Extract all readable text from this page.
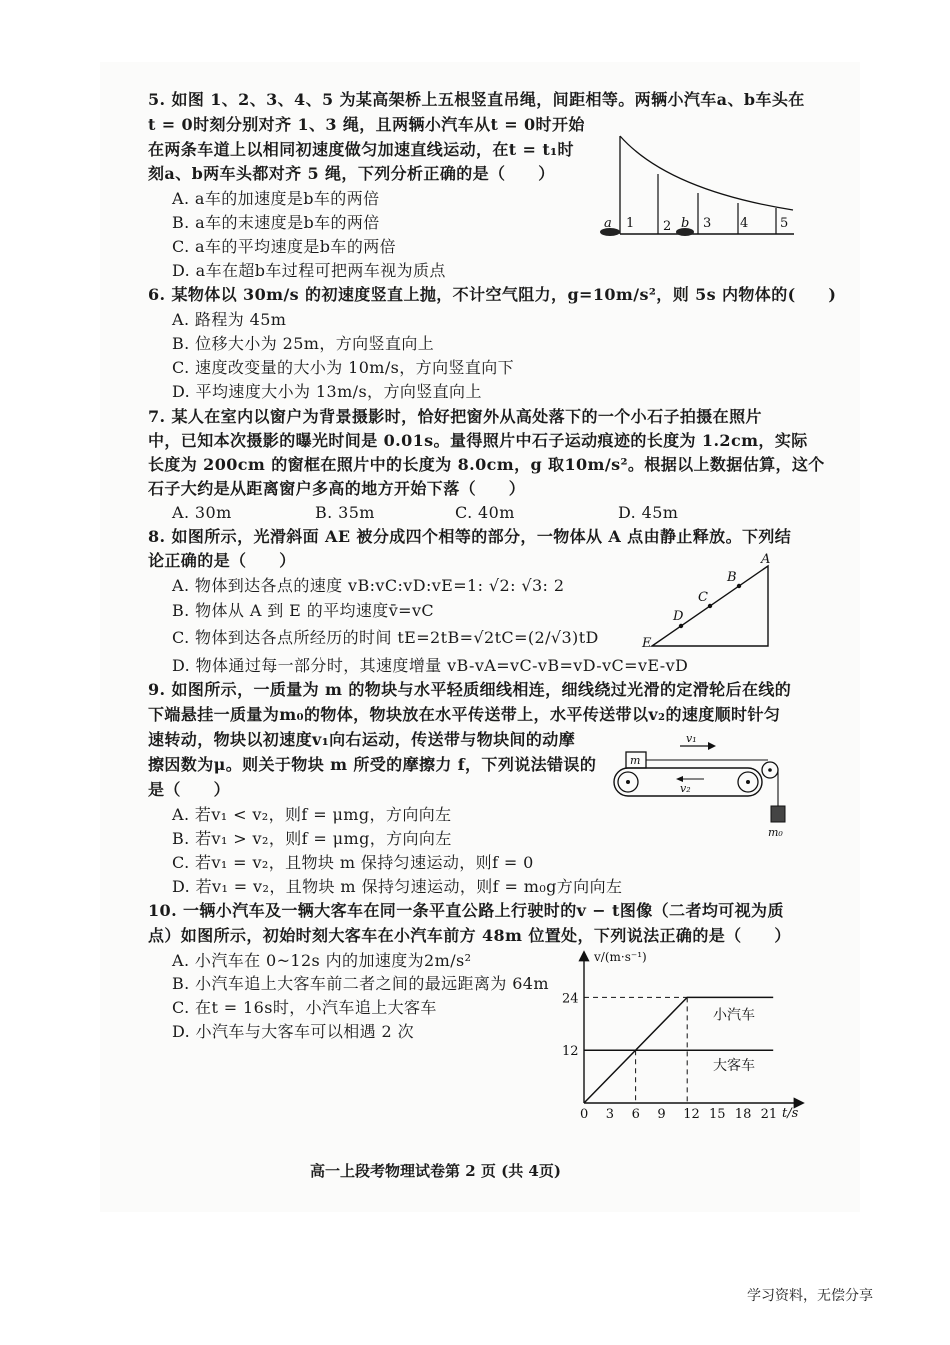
5. 如图 1、2、3、4、5 为某高架桥上五根竖直吊绳，间距相等。两辆小汽车a、b车头在
t = 0时刻分别对齐 1、3 绳，且两辆小汽车从t = 0时开始
在两条车道上以相同初速度做匀加速直线运动，在t = t₁时
刻a、b两车头都对齐 5 绳，下列分析正确的是（　　）
A. a车的加速度是b车的两倍
B. a车的末速度是b车的两倍
C. a车的平均速度是b车的两倍
D. a车在超b车过程可把两车视为质点
a 1 2 b 3 4 5
6. 某物体以 30m/s 的初速度竖直上抛，不计空气阻力，g=10m/s²，则 5s 内物体的(　　)
A. 路程为 45m
B. 位移大小为 25m，方向竖直向上
C. 速度改变量的大小为 10m/s，方向竖直向下
D. 平均速度大小为 13m/s，方向竖直向上
7. 某人在室内以窗户为背景摄影时，恰好把窗外从高处落下的一个小石子拍摄在照片
中，已知本次摄影的曝光时间是 0.01s。量得照片中石子运动痕迹的长度为 1.2cm，实际
长度为 200cm 的窗框在照片中的长度为 8.0cm，g 取10m/s²。根据以上数据估算，这个
石子大约是从距离窗户多高的地方开始下落（　　）
A. 30m	B. 35m	C. 40m	D. 45m
8. 如图所示，光滑斜面 AE 被分成四个相等的部分，一物体从 A 点由静止释放。下列结
论正确的是（　　）
A. 物体到达各点的速度 vB:vC:vD:vE=1: √2: √3: 2
B. 物体从 A 到 E 的平均速度v̄=vC
C. 物体到达各点所经历的时间 tE=2tB=√2tC=(2/√3)tD
D. 物体通过每一部分时，其速度增量 vB-vA=vC-vB=vD-vC=vE-vD
A
B
C
D
E
9. 如图所示，一质量为 m 的物块与水平轻质细线相连，细线绕过光滑的定滑轮后在线的
下端悬挂一质量为m₀的物体，物块放在水平传送带上，水平传送带以v₂的速度顺时针匀
速转动，物块以初速度v₁向右运动，传送带与物块间的动摩
擦因数为μ。则关于物块 m 所受的摩擦力 f，下列说法错误的
是（　　）
A. 若v₁ < v₂，则f = μmg，方向向左
B. 若v₁ > v₂，则f = μmg，方向向左
C. 若v₁ = v₂，且物块 m 保持匀速运动，则f = 0
D. 若v₁ = v₂，且物块 m 保持匀速运动，则f = m₀g方向向左
v₁
m
v₂
m₀
10. 一辆小汽车及一辆大客车在同一条平直公路上行驶时的v − t图像（二者均可视为质
点）如图所示，初始时刻大客车在小汽车前方 48m 位置处，下列说法正确的是（　　）
A. 小汽车在 0~12s 内的加速度为2m/s²
B. 小汽车追上大客车前二者之间的最远距离为 64m
C. 在t = 16s时，小汽车追上大客车
D. 小汽车与大客车可以相遇 2 次
v/(m·s⁻¹)
t/s
0 3 6 9 12 15 18 21
12
24
小汽车
大客车
高一上段考物理试卷第 2 页 (共 4页)
学习资料，无偿分享
